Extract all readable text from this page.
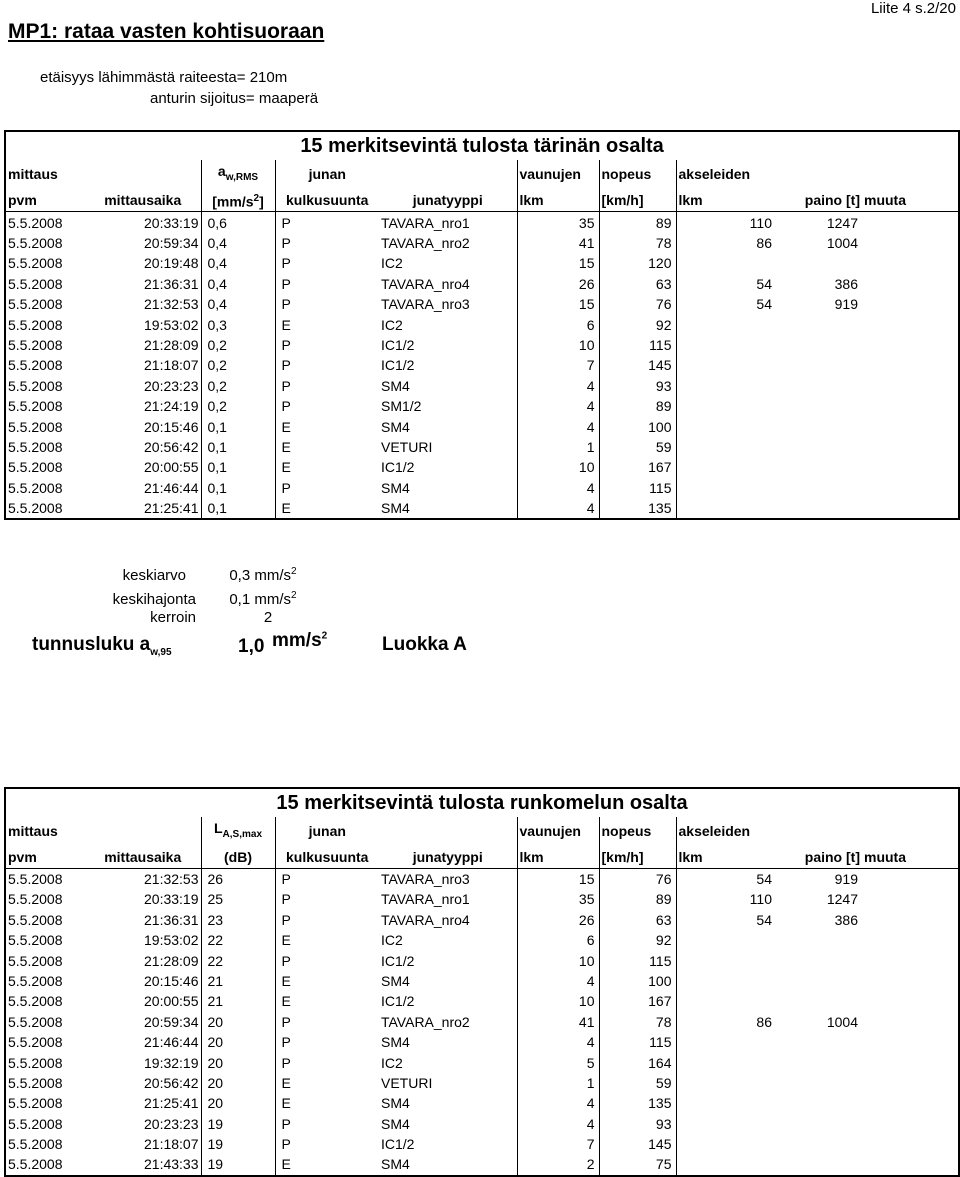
MP1: rataa vasten kohtisuoraan
Liite 4 s.2/20
etäisyys lähimmästä raiteesta= 210m
anturin sijoitus= maaperä
15 merkitsevintä tulosta tärinän osalta									
mittaus		$a_{w,RMS}$	junan		vaunujen	nopeus	akseleiden		
pvm	mittausaika	$[mm/s^2]$	kulkusuunta	junatyyppi	lkm	[km/h]	lkm	paino [t]	muuta
5.5.2008	20:33:19	0,6	P	TAVARA_nro1	35	89	110	1247	
5.5.2008	20:59:34	0,4	P	TAVARA_nro2	41	78	86	1004	
5.5.2008	20:19:48	0,4	P	IC2	15	120			
5.5.2008	21:36:31	0,4	P	TAVARA_nro4	26	63	54	386	
5.5.2008	21:32:53	0,4	P	TAVARA_nro3	15	76	54	919	
5.5.2008	19:53:02	0,3	E	IC2	6	92			
5.5.2008	21:28:09	0,2	P	IC1/2	10	115			
5.5.2008	21:18:07	0,2	P	IC1/2	7	145			
5.5.2008	20:23:23	0,2	P	SM4	4	93			
5.5.2008	21:24:19	0,2	P	SM1/2	4	89			
5.5.2008	20:15:46	0,1	E	SM4	4	100			
5.5.2008	20:56:42	0,1	E	VETURI	1	59			
5.5.2008	20:00:55	0,1	E	IC1/2	10	167			
5.5.2008	21:46:44	0,1	P	SM4	4	115			
5.5.2008	21:25:41	0,1	E	SM4	4	135			
keskiarvo	0,3 $mm/s^2$
keskihajonta 0,1 $mm/s^2$
kerroin	2
tunnusluku $a_{w,95}$	1,0 $mm/s^2$	Luokka A
15 merkitsevintä tulosta runkomelun osalta									
mittaus		$L_{A,S,max}$	junan		vaunujen	nopeus	akseleiden		
pvm	mittausaika	(dB)	kulkusuunta	junatyyppi	lkm	[km/h]	lkm	paino [t]	muuta
5.5.2008	21:32:53	26	P	TAVARA_nro3	15	76	54	919	
5.5.2008	20:33:19	25	P	TAVARA_nro1	35	89	110	1247	
5.5.2008	21:36:31	23	P	TAVARA_nro4	26	63	54	386	
5.5.2008	19:53:02	22	E	IC2	6	92			
5.5.2008	21:28:09	22	P	IC1/2	10	115			
5.5.2008	20:15:46	21	E	SM4	4	100			
5.5.2008	20:00:55	21	E	IC1/2	10	167			
5.5.2008	20:59:34	20	P	TAVARA_nro2	41	78	86	1004	
5.5.2008	21:46:44	20	P	SM4	4	115			
5.5.2008	19:32:19	20	P	IC2	5	164			
5.5.2008	20:56:42	20	E	VETURI	1	59			
5.5.2008	21:25:41	20	E	SM4	4	135			
5.5.2008	20:23:23	19	P	SM4	4	93			
5.5.2008	21:18:07	19	P	IC1/2	7	145			
5.5.2008	21:43:33	19	E	SM4	2	75			
